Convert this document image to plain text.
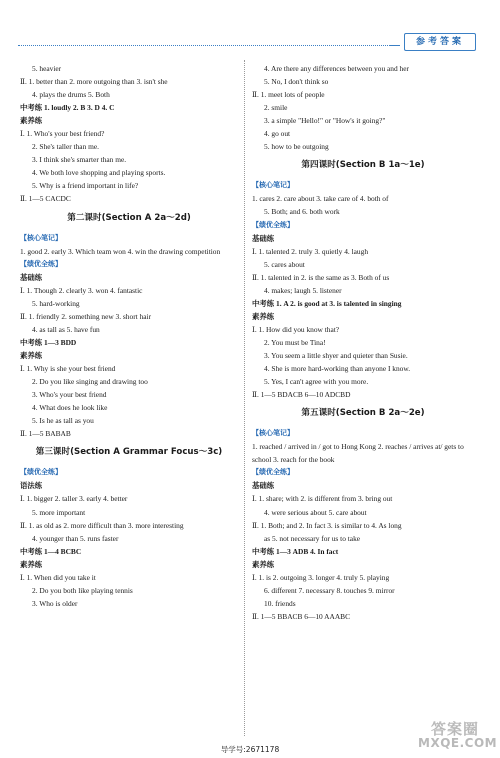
参考答案
5. heavier
Ⅱ. 1. better than 2. more outgoing than 3. isn't she
4. plays the drums 5. Both
中考练 1. loudly 2. B 3. D 4. C
素养练
Ⅰ. 1. Who's your best friend?
2. She's taller than me.
3. I think she's smarter than me.
4. We both love shopping and playing sports.
5. Why is a friend important in life?
Ⅱ. 1—5 CACDC
第二课时(Section A 2a～2d)
【核心笔记】
1. good 2. early 3. Which team won 4. win the drawing competition
【绩优全练】
基础练
Ⅰ. 1. Though 2. clearly 3. won 4. fantastic
5. hard-working
Ⅱ. 1. friendly 2. something new 3. short hair
4. as tall as 5. have fun
中考练 1—3 BDD
素养练
Ⅰ. 1. Why is she your best friend
2. Do you like singing and drawing too
3. Who's your best friend
4. What does he look like
5. Is he as tall as you
Ⅱ. 1—5 BABAB
第三课时(Section A Grammar Focus～3c)
【绩优全练】
语法练
Ⅰ. 1. bigger 2. taller 3. early 4. better
5. more important
Ⅱ. 1. as old as 2. more difficult than 3. more interesting
4. younger than 5. runs faster
中考练 1—4 BCBC
素养练
Ⅰ. 1. When did you take it
2. Do you both like playing tennis
3. Who is older
4. Are there any differences between you and her
5. No, I don't think so
Ⅱ. 1. meet lots of people
2. smile
3. a simple "Hello!" or "How's it going?"
4. go out
5. how to be outgoing
第四课时(Section B 1a～1e)
【核心笔记】
1. cares 2. care about 3. take care of 4. both of
5. Both; and 6. both work
【绩优全练】
基础练
Ⅰ. 1. talented 2. truly 3. quietly 4. laugh
5. cares about
Ⅱ. 1. talented in 2. is the same as 3. Both of us
4. makes; laugh 5. listener
中考练 1. A 2. is good at 3. is talented in singing
素养练
Ⅰ. 1. How did you know that?
2. You must be Tina!
3. You seem a little shyer and quieter than Susie.
4. She is more hard-working than anyone I know.
5. Yes, I can't agree with you more.
Ⅱ. 1—5 BDACB 6—10 ADCBD
第五课时(Section B 2a～2e)
【核心笔记】
1. reached / arrived in / got to Hong Kong 2. reaches / arrives at/ gets to school 3. reach for the book
【绩优全练】
基础练
Ⅰ. 1. share; with 2. is different from 3. bring out
4. were serious about 5. care about
Ⅱ. 1. Both; and 2. In fact 3. is similar to 4. As long
as 5. not necessary for us to take
中考练 1—3 ADB 4. In fact
素养练
Ⅰ. 1. is 2. outgoing 3. longer 4. truly 5. playing
6. different 7. necessary 8. touches 9. mirror
10. friends
Ⅱ. 1—5 BBACB 6—10 AAABC
导学号:2671178
答案圈
MXQE.COM
